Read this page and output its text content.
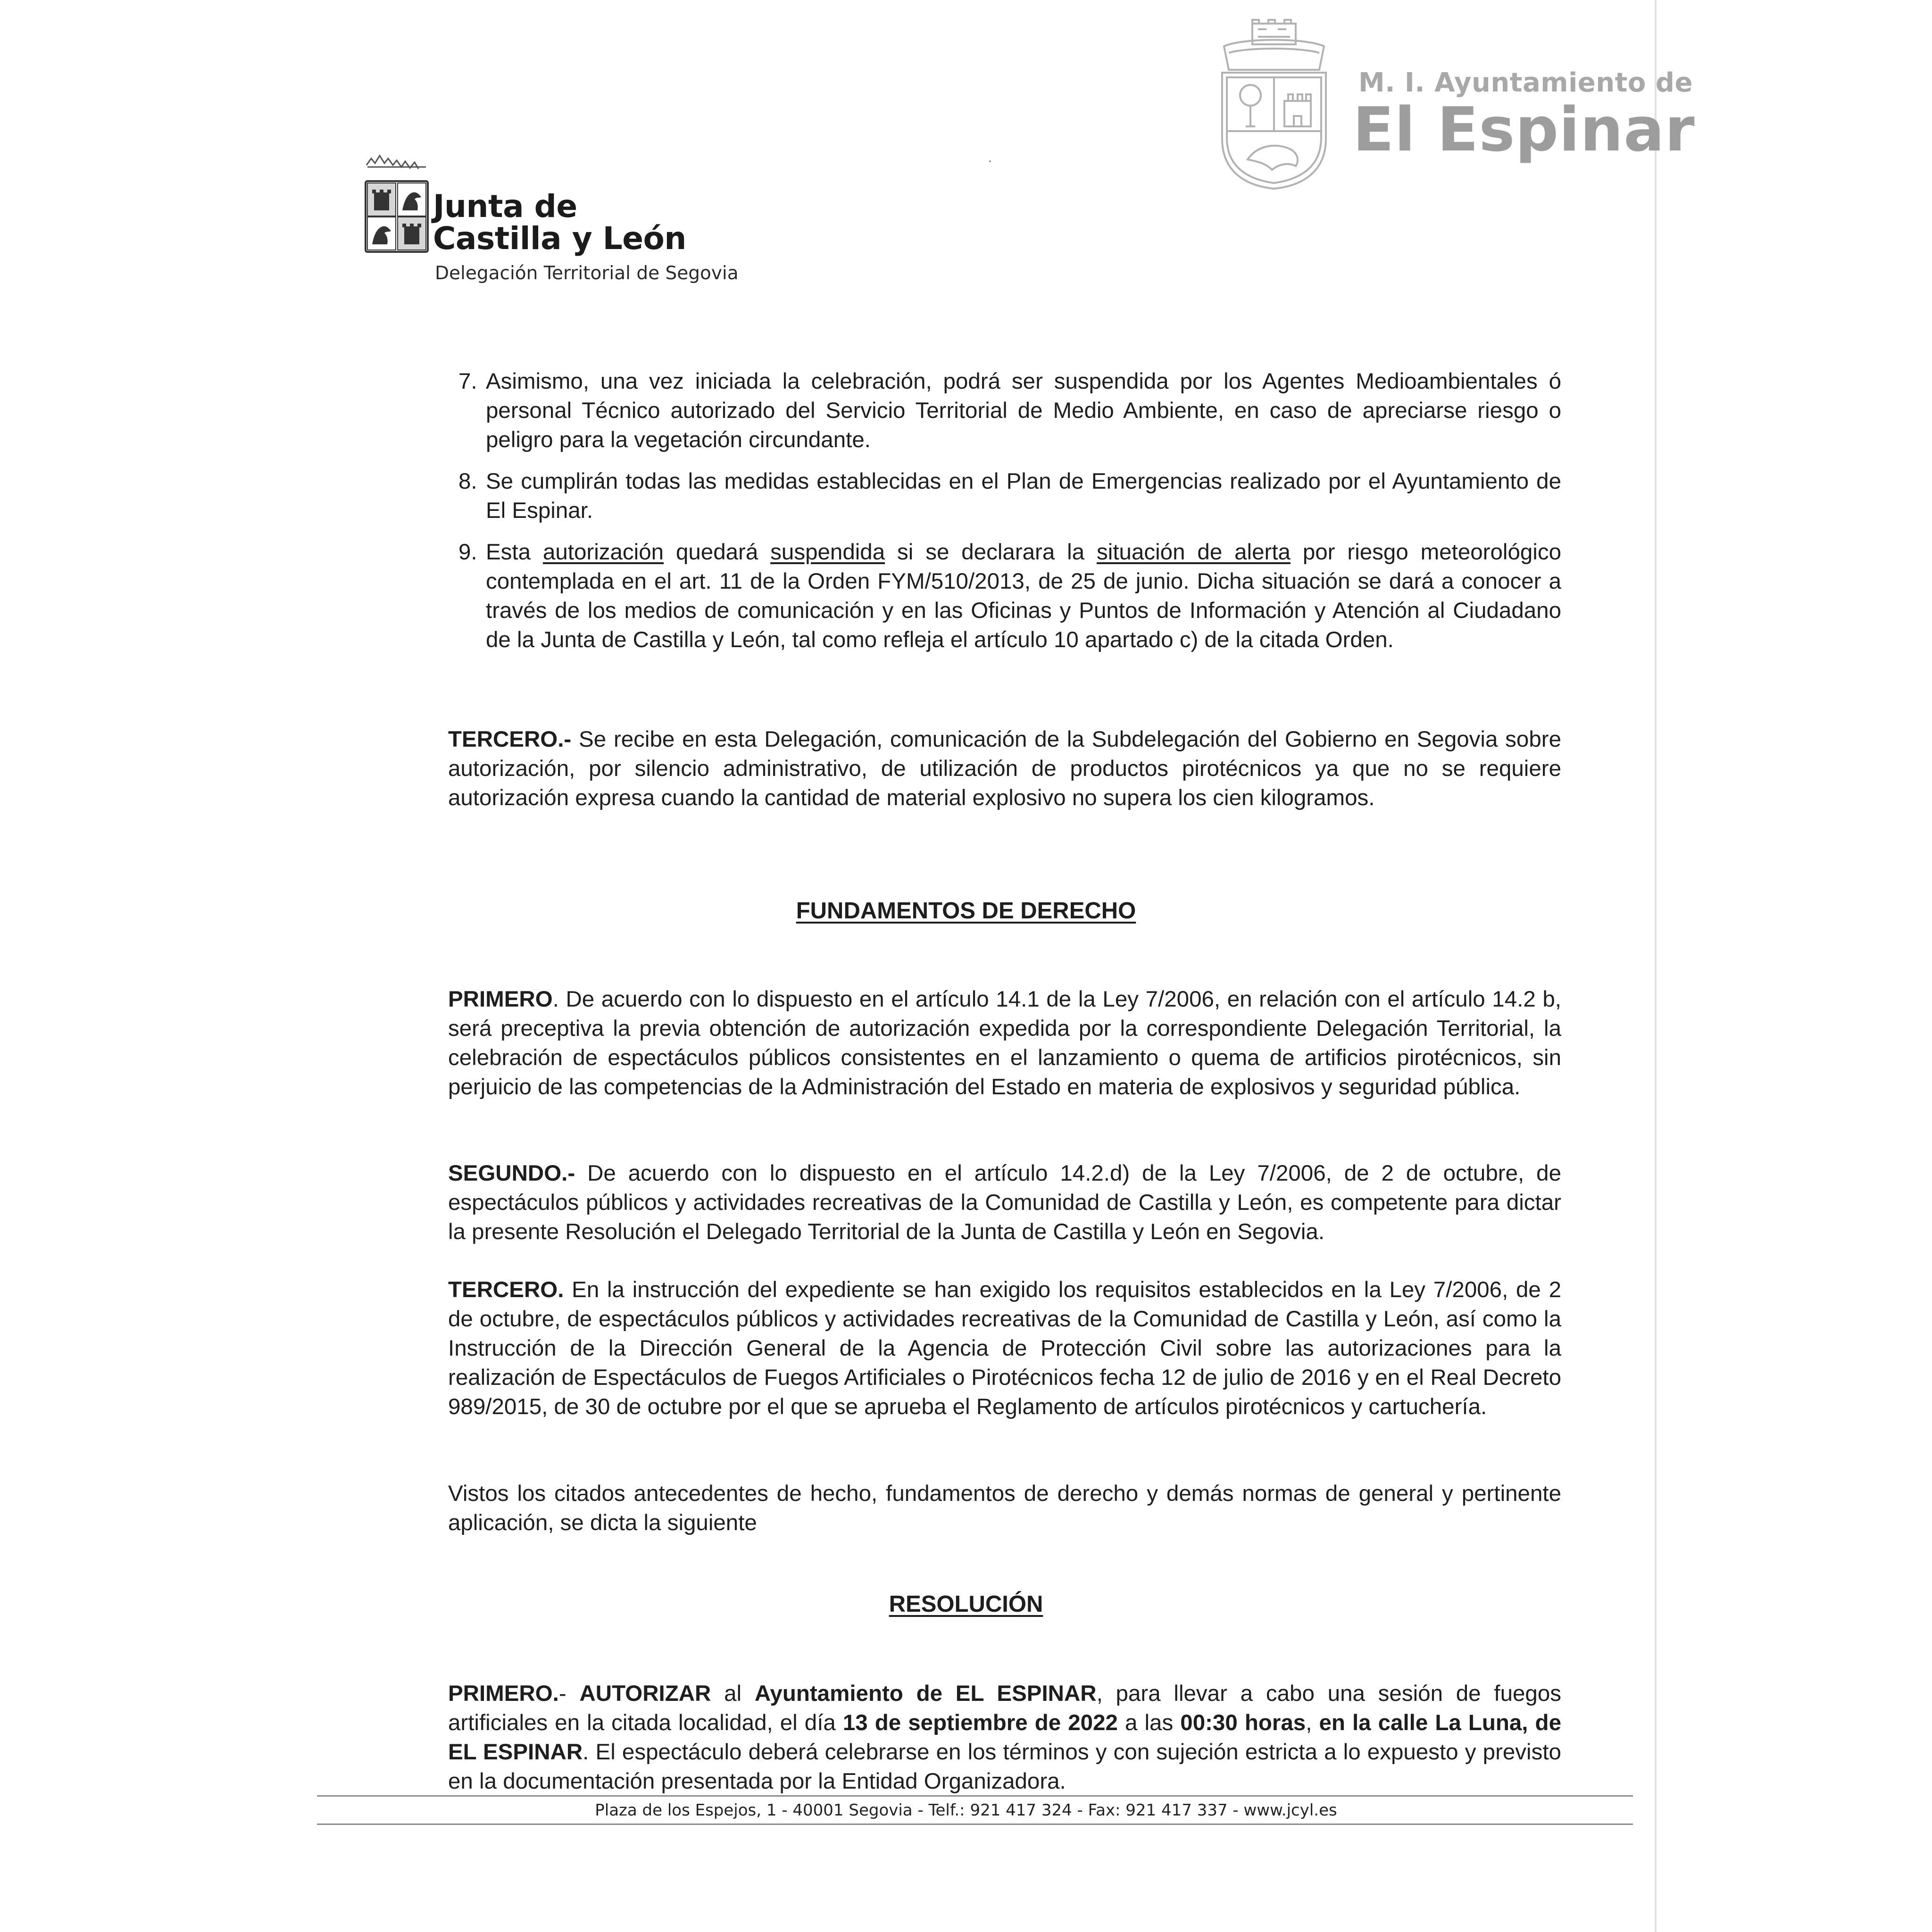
Junta de
Castilla y León
Delegación Territorial de Segovia
M. I. Ayuntamiento de
El Espinar
7. Asimismo, una vez iniciada la celebración, podrá ser suspendida por los Agentes Medioambientales ó personal Técnico autorizado del Servicio Territorial de Medio Ambiente, en caso de apreciarse riesgo o peligro para la vegetación circundante.

8. Se cumplirán todas las medidas establecidas en el Plan de Emergencias realizado por el Ayuntamiento de El Espinar.

9. Esta autorización quedará suspendida si se declarara la situación de alerta por riesgo meteorológico contemplada en el art. 11 de la Orden FYM/510/2013, de 25 de junio. Dicha situación se dará a conocer a través de los medios de comunicación y en las Oficinas y Puntos de Información y Atención al Ciudadano de la Junta de Castilla y León, tal como refleja el artículo 10 apartado c) de la citada Orden.

TERCERO.- Se recibe en esta Delegación, comunicación de la Subdelegación del Gobierno en Segovia sobre autorización, por silencio administrativo, de utilización de productos pirotécnicos ya que no se requiere autorización expresa cuando la cantidad de material explosivo no supera los cien kilogramos.

FUNDAMENTOS DE DERECHO

PRIMERO. De acuerdo con lo dispuesto en el artículo 14.1 de la Ley 7/2006, en relación con el artículo 14.2 b, será preceptiva la previa obtención de autorización expedida por la correspondiente Delegación Territorial, la celebración de espectáculos públicos consistentes en el lanzamiento o quema de artificios pirotécnicos, sin perjuicio de las competencias de la Administración del Estado en materia de explosivos y seguridad pública.

SEGUNDO.- De acuerdo con lo dispuesto en el artículo 14.2.d) de la Ley 7/2006, de 2 de octubre, de espectáculos públicos y actividades recreativas de la Comunidad de Castilla y León, es competente para dictar la presente Resolución el Delegado Territorial de la Junta de Castilla y León en Segovia.

TERCERO. En la instrucción del expediente se han exigido los requisitos establecidos en la Ley 7/2006, de 2 de octubre, de espectáculos públicos y actividades recreativas de la Comunidad de Castilla y León, así como la Instrucción de la Dirección General de la Agencia de Protección Civil sobre las autorizaciones para la realización de Espectáculos de Fuegos Artificiales o Pirotécnicos fecha 12 de julio de 2016 y en el Real Decreto 989/2015, de 30 de octubre por el que se aprueba el Reglamento de artículos pirotécnicos y cartuchería.

Vistos los citados antecedentes de hecho, fundamentos de derecho y demás normas de general y pertinente aplicación, se dicta la siguiente

RESOLUCIÓN

PRIMERO.- AUTORIZAR al Ayuntamiento de EL ESPINAR, para llevar a cabo una sesión de fuegos artificiales en la citada localidad, el día 13 de septiembre de 2022 a las 00:30 horas, en la calle La Luna, de EL ESPINAR. El espectáculo deberá celebrarse en los términos y con sujeción estricta a lo expuesto y previsto en la documentación presentada por la Entidad Organizadora.

Plaza de los Espejos, 1 - 40001 Segovia - Telf.: 921 417 324 - Fax: 921 417 337 - www.jcyl.es
